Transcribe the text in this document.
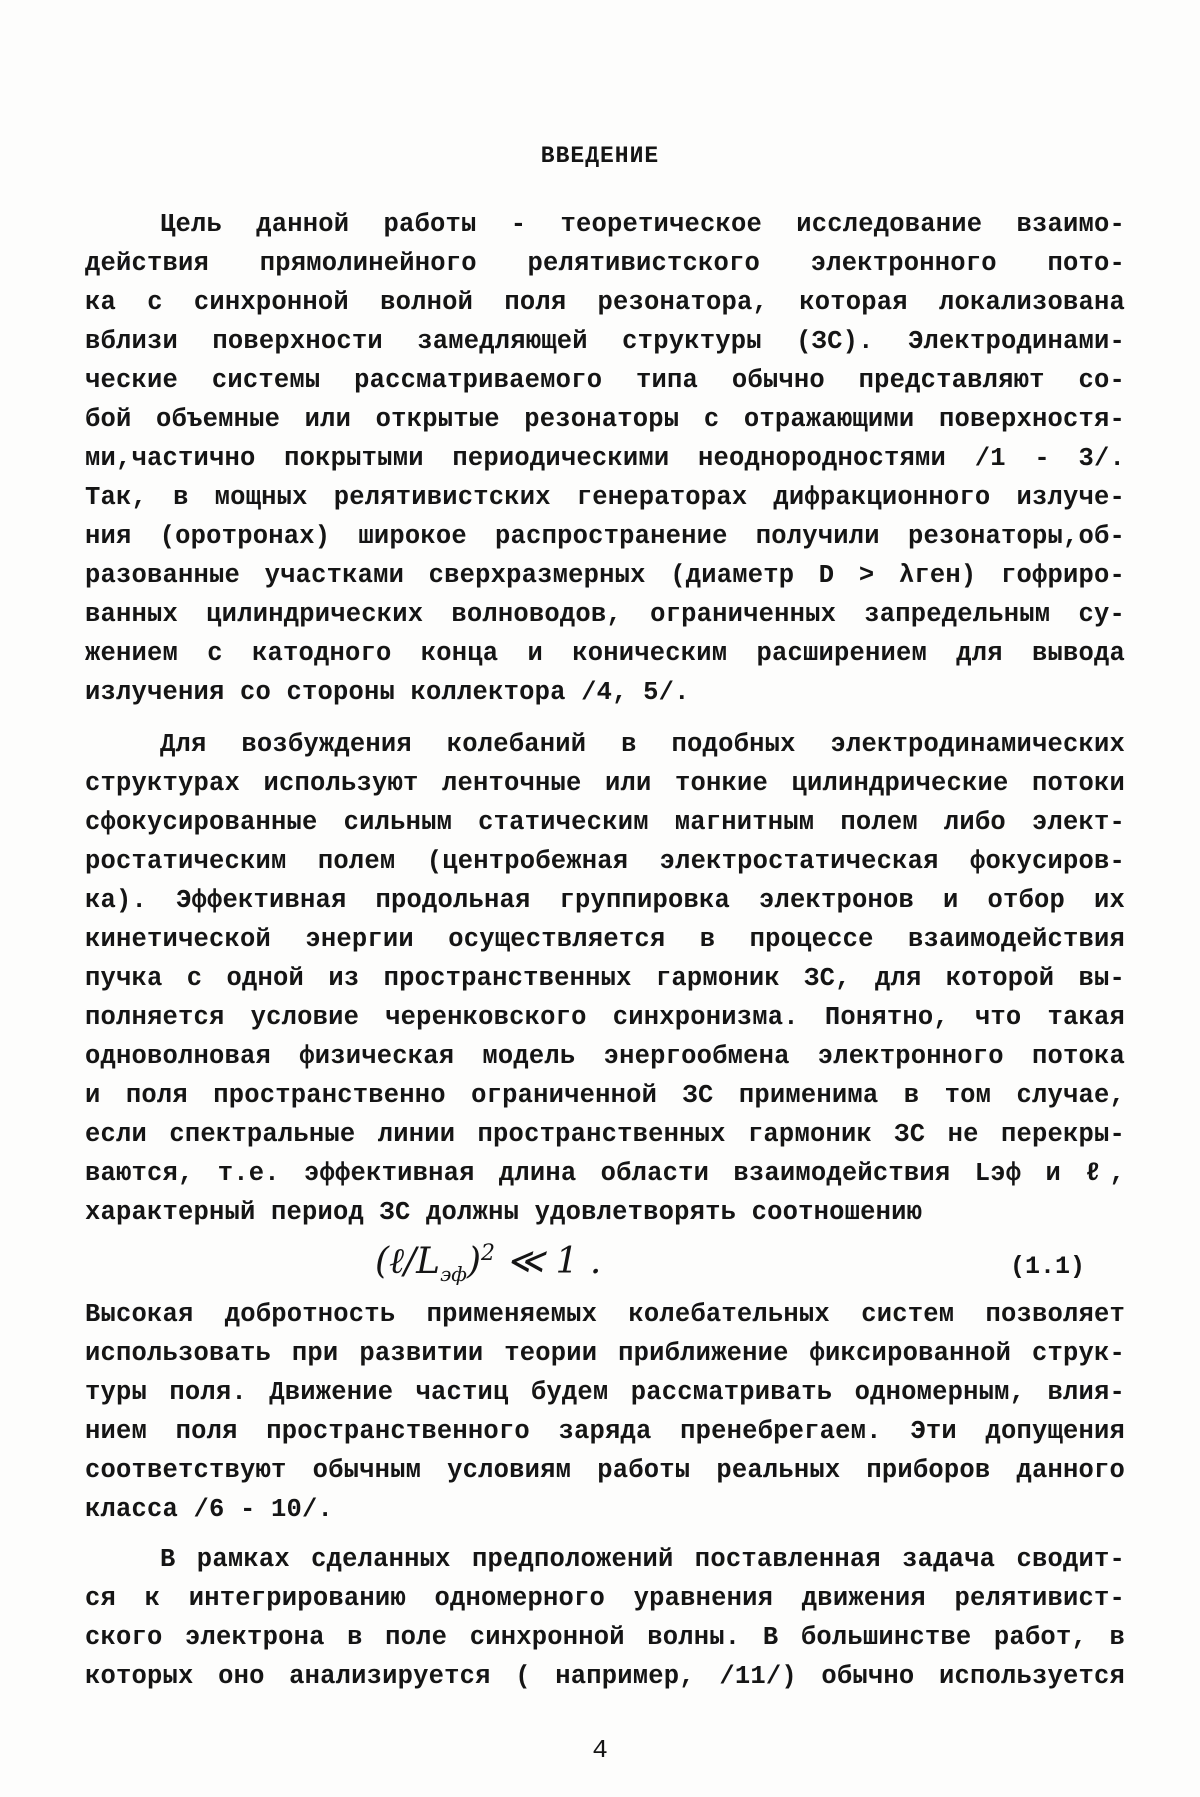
ВВЕДЕНИЕ
Цель данной работы - теоретическое исследование взаимо-
действия прямолинейного релятивистского электронного пото-
ка с синхронной волной поля резонатора, которая локализована
вблизи поверхности замедляющей структуры (ЗС). Электродинами-
ческие системы рассматриваемого типа обычно представляют со-
бой объемные или открытые резонаторы с отражающими поверхностя-
ми,частично покрытыми периодическими неоднородностями /1 - 3/.
Так, в мощных релятивистских генераторах дифракционного излуче-
ния (оротронах) широкое распространение получили резонаторы,об-
разованные участками сверхразмерных (диаметр D > λген) гофриро-
ванных цилиндрических волноводов, ограниченных запредельным су-
жением с катодного конца и коническим расширением для вывода
излучения со стороны коллектора /4, 5/.
Для возбуждения колебаний в подобных электродинамических
структурах используют ленточные или тонкие цилиндрические потоки
сфокусированные сильным статическим магнитным полем либо элект-
ростатическим полем (центробежная электростатическая фокусиров-
ка). Эффективная продольная группировка электронов и отбор их
кинетической энергии осуществляется в процессе взаимодействия
пучка с одной из пространственных гармоник ЗС, для которой вы-
полняется условие черенковского синхронизма. Понятно, что такая
одноволновая физическая модель энергообмена электронного потока
и поля пространственно ограниченной ЗС применима в том случае,
если спектральные линии пространственных гармоник ЗС не перекры-
ваются, т.е. эффективная длина области взаимодействия Lэф и ℓ,
характерный период ЗС должны удовлетворять соотношению
$(\ell/L_{эф})^2$ ≪ 1 .	(1.1)
Высокая добротность применяемых колебательных систем позволяет
использовать при развитии теории приближение фиксированной струк-
туры поля. Движение частиц будем рассматривать одномерным, влия-
нием поля пространственного заряда пренебрегаем. Эти допущения
соответствуют обычным условиям работы реальных приборов данного
класса /6 - 10/.
В рамках сделанных предположений поставленная задача сводит-
ся к интегрированию одномерного уравнения движения релятивист-
ского электрона в поле синхронной волны. В большинстве работ, в
которых оно анализируется ( например, /11/) обычно используется
4
